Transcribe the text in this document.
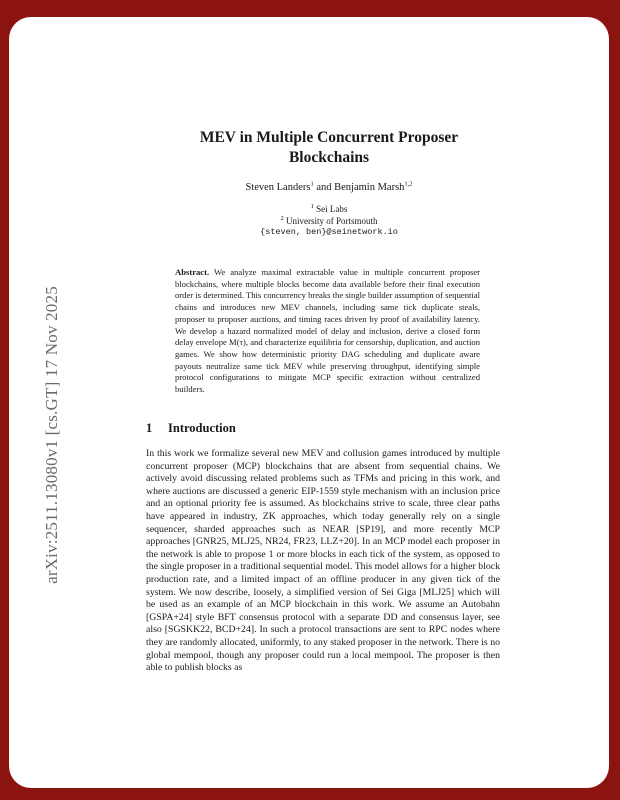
arXiv:2511.13080v1 [cs.GT] 17 Nov 2025
MEV in Multiple Concurrent Proposer
Blockchains
Steven Landers$^1$ and Benjamin Marsh$^{1,2}$
$^1$ Sei Labs
$^2$ University of Portsmouth
{steven, ben}@seinetwork.io
Abstract. We analyze maximal extractable value in multiple concurrent proposer blockchains, where multiple blocks become data available before their final execution order is determined. This concurrency breaks the single builder assumption of sequential chains and introduces new MEV channels, including same tick duplicate steals, proposer to proposer auctions, and timing races driven by proof of availability latency. We develop a hazard normalized model of delay and inclusion, derive a closed form delay envelope M(τ), and characterize equilibria for censorship, duplication, and auction games. We show how deterministic priority DAG scheduling and duplicate aware payouts neutralize same tick MEV while preserving throughput, identifying simple protocol configurations to mitigate MCP specific extraction without centralized builders.
1 Introduction

In this work we formalize several new MEV and collusion games introduced by multiple concurrent proposer (MCP) blockchains that are absent from sequential chains. We actively avoid discussing related problems such as TFMs and pricing in this work, and where auctions are discussed a generic EIP-1559 style mechanism with an inclusion price and an optional priority fee is assumed. As blockchains strive to scale, three clear paths have appeared in industry, ZK approaches, which today generally rely on a single sequencer, sharded approaches such as NEAR [SP19], and more recently MCP approaches [GNR25, MLJ25, NR24, FR23, LLZ+20]. In an MCP model each proposer in the network is able to propose 1 or more blocks in each tick of the system, as opposed to the single proposer in a traditional sequential model. This model allows for a higher block production rate, and a limited impact of an offline producer in any given tick of the system. We now describe, loosely, a simplified version of Sei Giga [MLJ25] which will be used as an example of an MCP blockchain in this work. We assume an Autobahn [GSPA+24] style BFT consensus protocol with a separate DD and consensus layer, see also [SGSKK22, BCD+24]. In such a protocol transactions are sent to RPC nodes where they are randomly allocated, uniformly, to any staked proposer in the network. There is no global mempool, though any proposer could run a local mempool. The proposer is then able to publish blocks as
